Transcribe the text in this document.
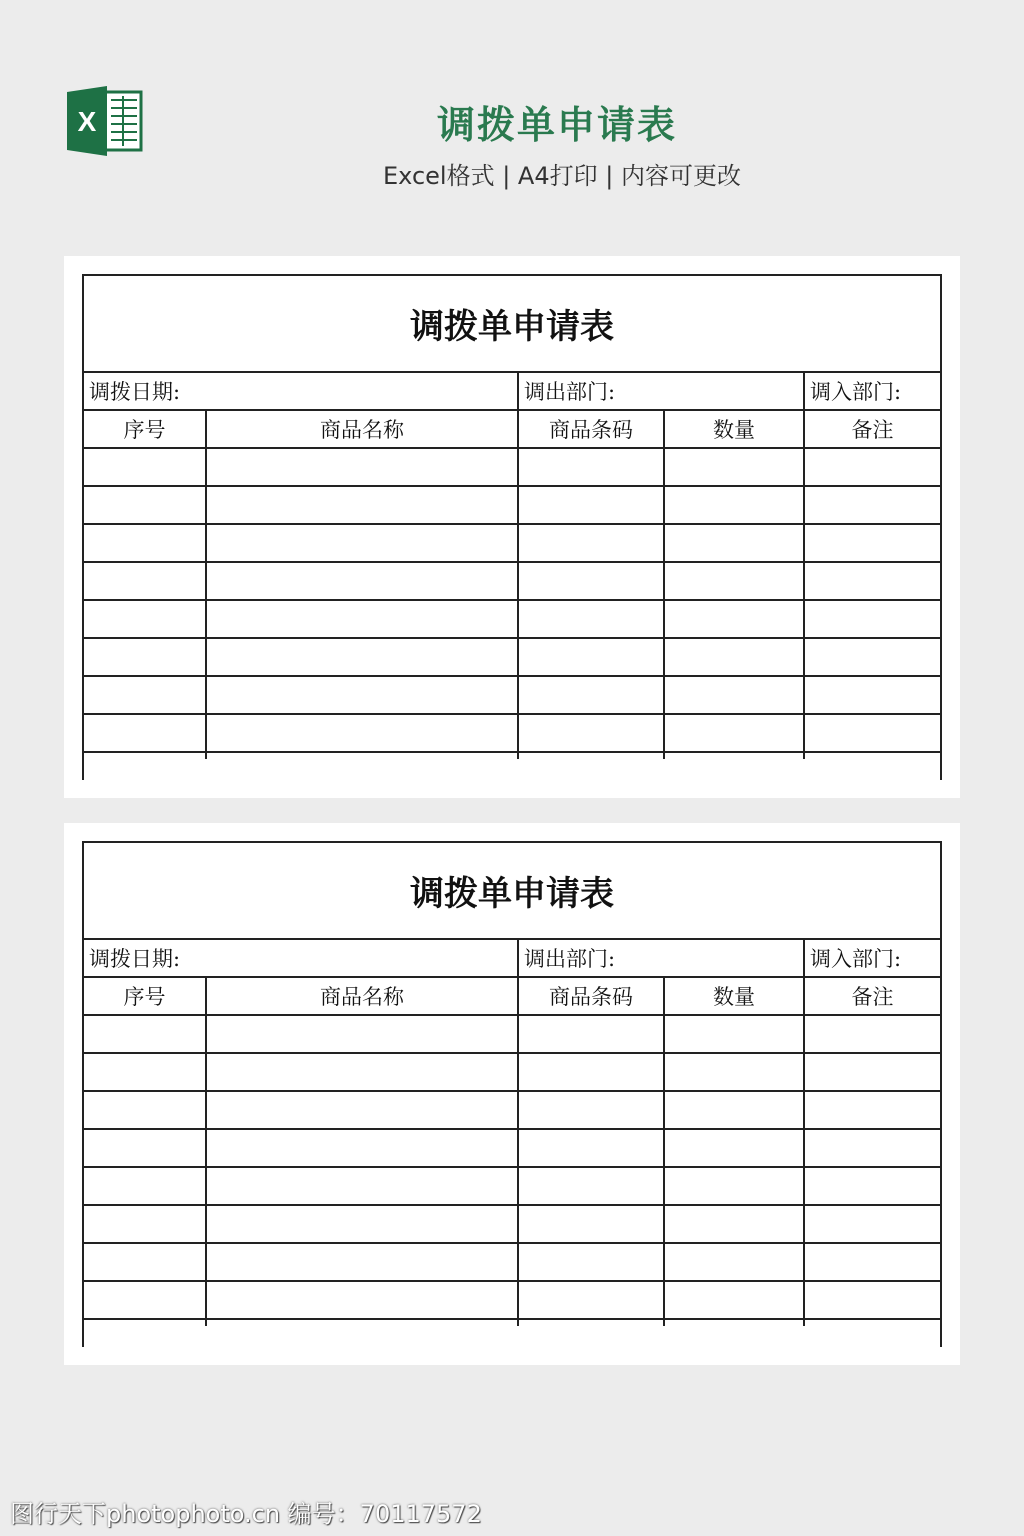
X	调拨单申请表
Excel格式 | A4打印 | 内容可更改
调拨单申请表
调拨日期:		调出部门:		调入部门:
序号	商品名称	商品条码	数量	备注

调拨单申请表
调拨日期:		调出部门:		调入部门:
序号	商品名称	商品条码	数量	备注

图行天下photophoto.cn 编号：70117572
